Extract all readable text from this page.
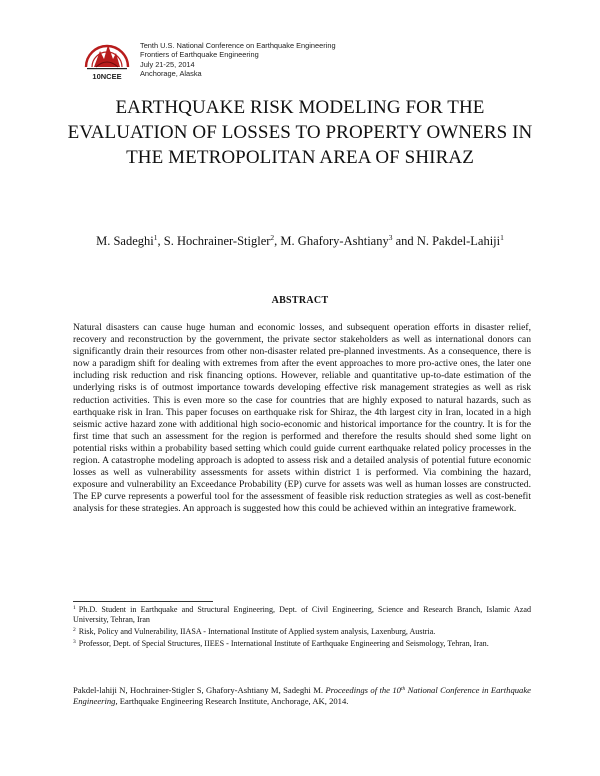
10NCEE
Tenth U.S. National Conference on Earthquake Engineering
Frontiers of Earthquake Engineering
July 21-25, 2014
Anchorage, Alaska
EARTHQUAKE RISK MODELING FOR THE EVALUATION OF LOSSES TO PROPERTY OWNERS IN THE METROPOLITAN AREA OF SHIRAZ
M. Sadeghi$^1$, S. Hochrainer-Stigler$^2$, M. Ghafory-Ashtiany$^3$ and N. Pakdel-Lahiji$^1$
ABSTRACT

Natural disasters can cause huge human and economic losses, and subsequent operation efforts in disaster relief, recovery and reconstruction by the government, the private sector stakeholders as well as international donors can significantly drain their resources from other non-disaster related pre-planned investments. As a consequence, there is now a paradigm shift for dealing with extremes from after the event approaches to more pro-active ones, the later one including risk reduction and risk financing options. However, reliable and quantitative up-to-date estimation of the underlying risks is of outmost importance towards developing effective risk management strategies as well as risk reduction activities. This is even more so the case for countries that are highly exposed to natural hazards, such as earthquake risk in Iran. This paper focuses on earthquake risk for Shiraz, the 4th largest city in Iran, located in a high seismic active hazard zone with additional high socio-economic and historical importance for the country. It is for the first time that such an assessment for the region is performed and therefore the results should shed some light on potential risks within a probability based setting which could guide current earthquake related policy processes in the region. A catastrophe modeling approach is adopted to assess risk and a detailed analysis of potential future economic losses as well as vulnerability assessments for assets within district 1 is performed. Via combining the hazard, exposure and vulnerability an Exceedance Probability (EP) curve for assets was well as human losses are constructed. The EP curve represents a powerful tool for the assessment of feasible risk reduction strategies as well as cost-benefit analysis for these strategies. An approach is suggested how this could be achieved within an integrative framework.

$^1$ Ph.D. Student in Earthquake and Structural Engineering, Dept. of Civil Engineering, Science and Research Branch, Islamic Azad University, Tehran, Iran

$^2$ Risk, Policy and Vulnerability, IIASA - International Institute of Applied system analysis, Laxenburg, Austria.

$^3$ Professor, Dept. of Special Structures, IIEES - International Institute of Earthquake Engineering and Seismology, Tehran, Iran.

Pakdel-lahiji N, Hochrainer-Stigler S, Ghafory-Ashtiany M, Sadeghi M. Proceedings of the 10th National Conference in Earthquake Engineering, Earthquake Engineering Research Institute, Anchorage, AK, 2014.
